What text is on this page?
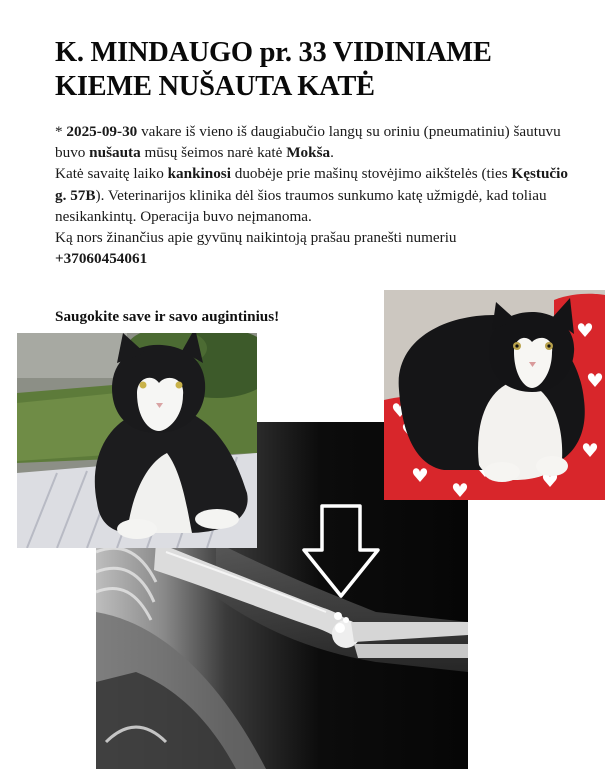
K. MINDAUGO pr. 33 VIDINIAME KIEME NUŠAUTA KATĖ

* 2025-09-30 vakare iš vieno iš daugiabučio langų su oriniu (pneumatiniu) šautuvu buvo nušauta mūsų šeimos narė katė Mokša.

Katė savaitę laiko kankinosi duobėje prie mašinų stovėjimo aikštelės (ties Kęstučio g. 57B). Veterinarijos klinika dėl šios traumos sunkumo katę užmigdė, kad toliau nesikankintų. Operacija buvo neįmanoma.

Ką nors žinančius apie gyvūnų naikintoją prašau pranešti numeriu
+37060454061

Saugokite save ir savo augintinius!
